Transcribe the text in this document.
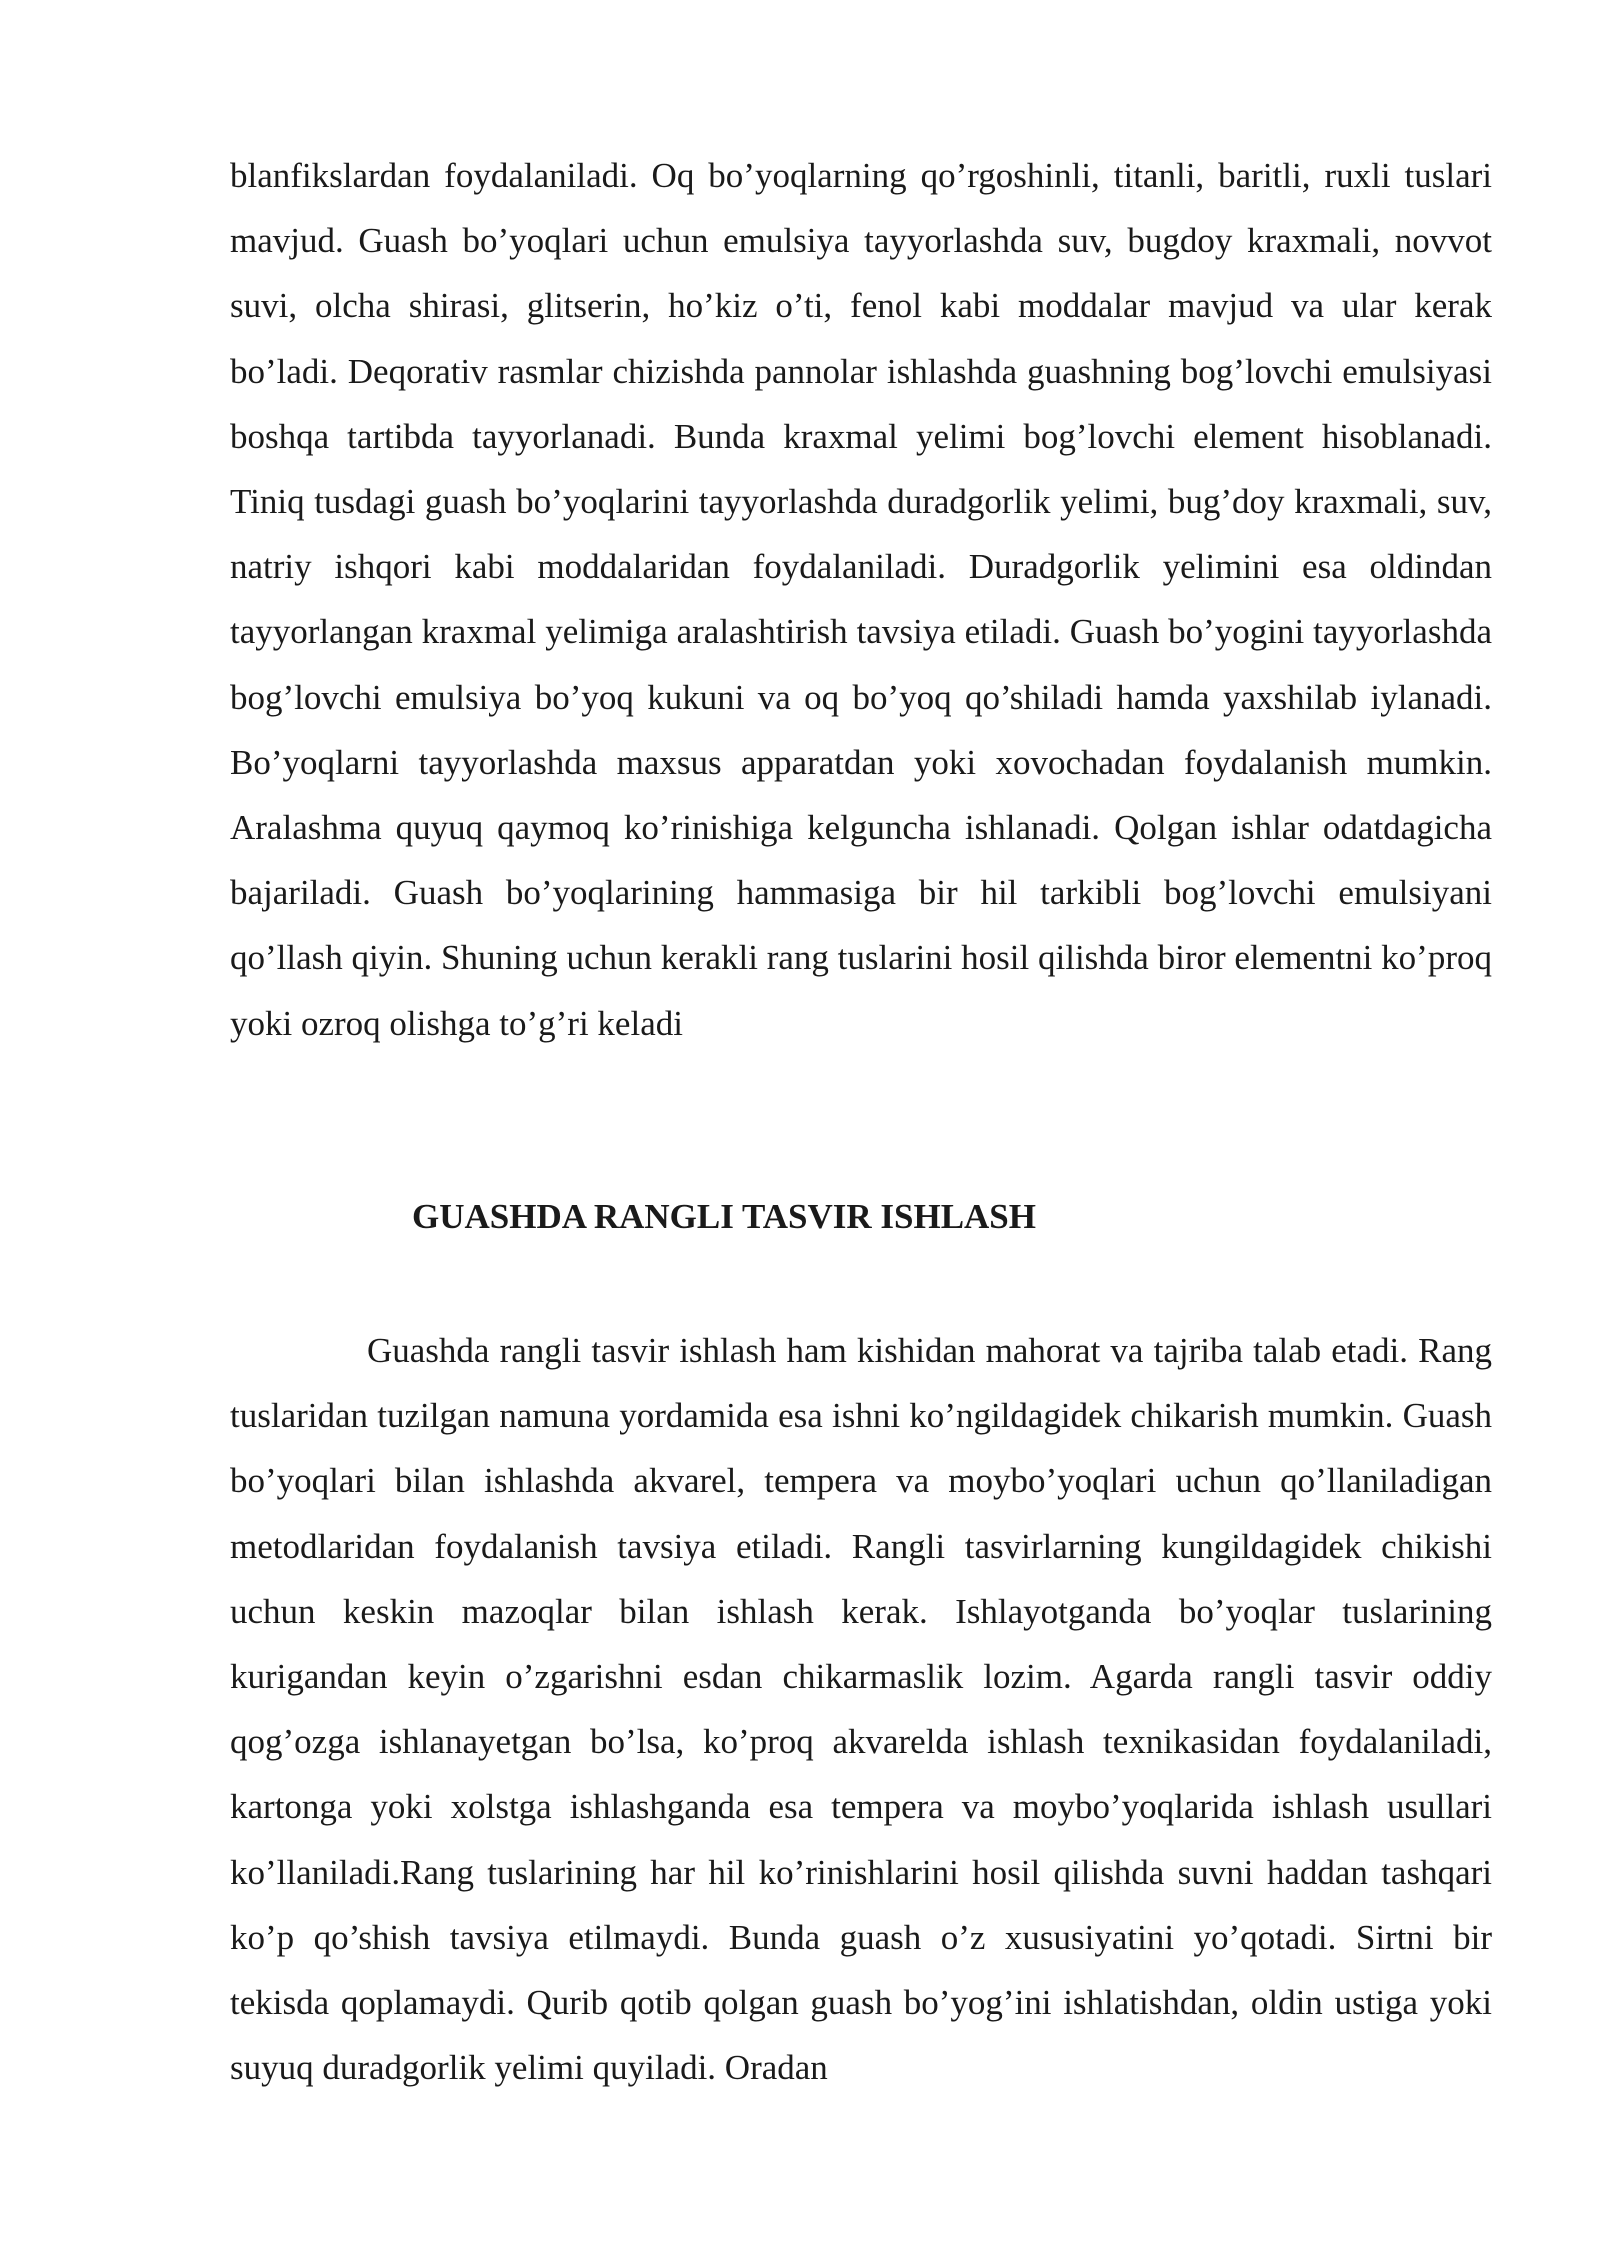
blanfikslardan foydalaniladi. Oq bo’yoqlarning qo’rgoshinli, titanli, baritli, ruxli tuslari mavjud. Guash bo’yoqlari uchun emulsiya tayyorlashda suv, bugdoy kraxmali, novvot suvi, olcha shirasi, glitserin, ho’kiz o’ti, fenol kabi moddalar mavjud va ular kerak bo’ladi. Deqorativ rasmlar chizishda pannolar ishlashda guashning bog’lovchi emulsiyasi boshqa tartibda tayyorlanadi. Bunda kraxmal yelimi bog’lovchi element hisoblanadi. Tiniq tusdagi guash bo’yoqlarini tayyorlashda duradgorlik yelimi, bug’doy kraxmali, suv, natriy ishqori kabi moddalaridan foydalaniladi. Duradgorlik yelimini esa oldindan tayyorlangan kraxmal yelimiga aralashtirish tavsiya etiladi. Guash bo’yogini tayyorlashda bog’lovchi emulsiya bo’yoq kukuni va oq bo’yoq qo’shiladi hamda yaxshilab iylanadi. Bo’yoqlarni tayyorlashda maxsus apparatdan yoki xovochadan foydalanish mumkin. Aralashma quyuq qaymoq ko’rinishiga kelguncha ishlanadi. Qolgan ishlar odatdagicha bajariladi. Guash bo’yoqlarining hammasiga bir hil tarkibli bog’lovchi emulsiyani qo’llash qiyin. Shuning uchun kerakli rang tuslarini hosil qilishda biror elementni ko’proq yoki ozroq olishga to’g’ri keladi

GUASHDA RANGLI TASVIR ISHLASH

Guashda rangli tasvir ishlash ham kishidan mahorat va tajriba talab etadi. Rang tuslaridan tuzilgan namuna yordamida esa ishni ko’ngildagidek chikarish mumkin. Guash bo’yoqlari bilan ishlashda akvarel, tempera va moybo’yoqlari uchun qo’llaniladigan metodlaridan foydalanish tavsiya etiladi. Rangli tasvirlarning kungildagidek chikishi uchun keskin mazoqlar bilan ishlash kerak. Ishlayotganda bo’yoqlar tuslarining kurigandan keyin o’zgarishni esdan chikarmaslik lozim. Agarda rangli tasvir oddiy qog’ozga ishlanayetgan bo’lsa, ko’proq akvarelda ishlash texnikasidan foydalaniladi, kartonga yoki xolstga ishlashganda esa tempera va moybo’yoqlarida ishlash usullari ko’llaniladi.Rang tuslarining har hil ko’rinishlarini hosil qilishda suvni haddan tashqari ko’p qo’shish tavsiya etilmaydi. Bunda guash o’z xususiyatini yo’qotadi. Sirtni bir tekisda qoplamaydi. Qurib qotib qolgan guash bo’yog’ini ishlatishdan, oldin ustiga yoki suyuq duradgorlik yelimi quyiladi. Oradan
